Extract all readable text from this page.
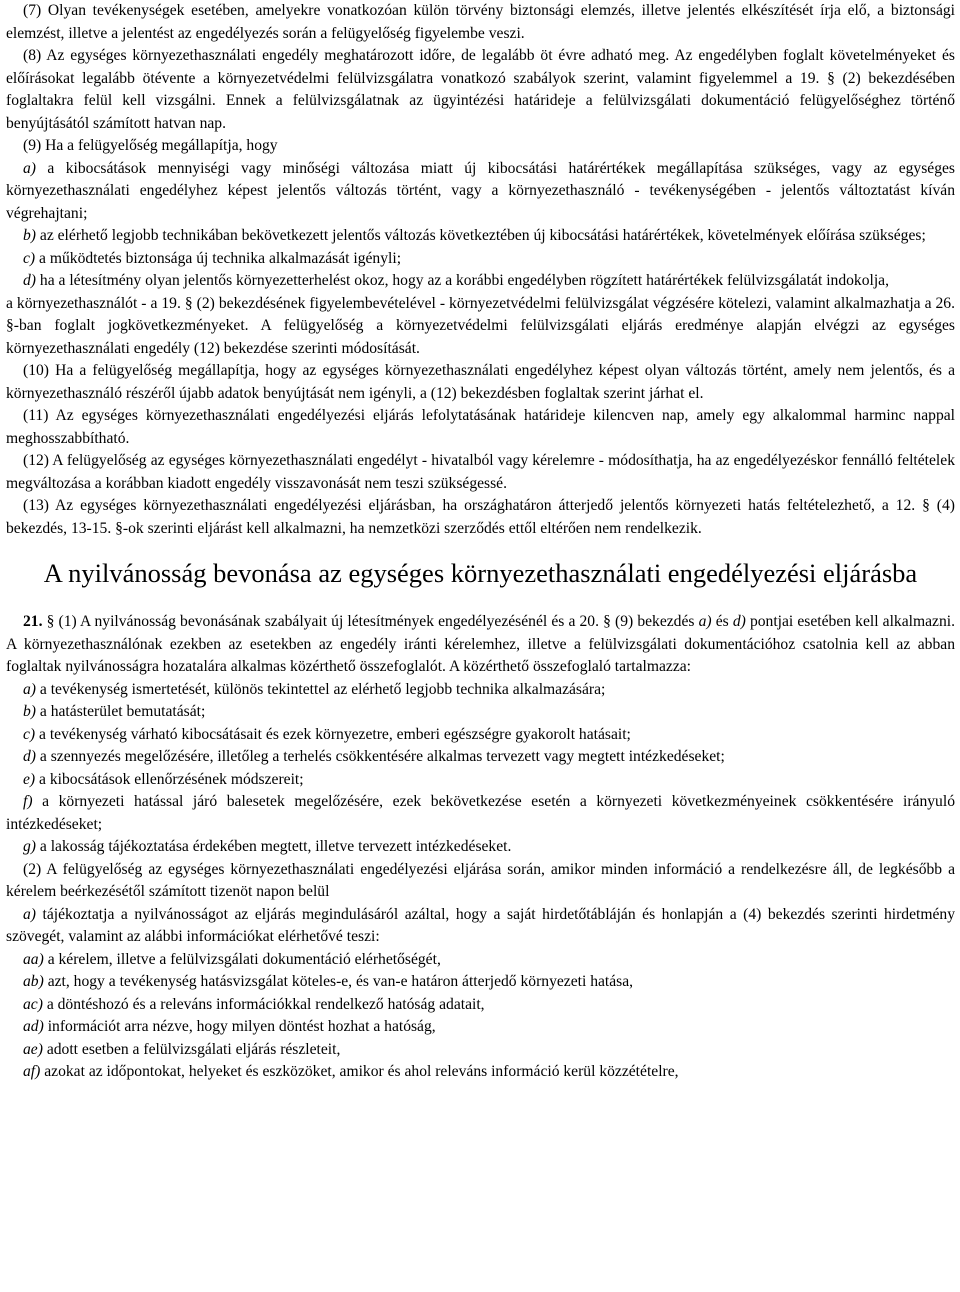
(7) Olyan tevékenységek esetében, amelyekre vonatkozóan külön törvény biztonsági elemzés, illetve jelentés elkészítését írja elő, a biztonsági elemzést, illetve a jelentést az engedélyezés során a felügyelőség figyelembe veszi.

(8) Az egységes környezethasználati engedély meghatározott időre, de legalább öt évre adható meg. Az engedélyben foglalt követelményeket és előírásokat legalább ötévente a környezetvédelmi felülvizsgálatra vonatkozó szabályok szerint, valamint figyelemmel a 19. § (2) bekezdésében foglaltakra felül kell vizsgálni. Ennek a felülvizsgálatnak az ügyintézési határideje a felülvizsgálati dokumentáció felügyelőséghez történő benyújtásától számított hatvan nap.

(9) Ha a felügyelőség megállapítja, hogy

a) a kibocsátások mennyiségi vagy minőségi változása miatt új kibocsátási határértékek megállapítása szükséges, vagy az egységes környezethasználati engedélyhez képest jelentős változás történt, vagy a környezethasználó - tevékenységében - jelentős változtatást kíván végrehajtani;

b) az elérhető legjobb technikában bekövetkezett jelentős változás következtében új kibocsátási határértékek, követelmények előírása szükséges;

c) a működtetés biztonsága új technika alkalmazását igényli;

d) ha a létesítmény olyan jelentős környezetterhelést okoz, hogy az a korábbi engedélyben rögzített határértékek felülvizsgálatát indokolja,

a környezethasználót - a 19. § (2) bekezdésének figyelembevételével - környezetvédelmi felülvizsgálat végzésére kötelezi, valamint alkalmazhatja a 26. §-ban foglalt jogkövetkezményeket. A felügyelőség a környezetvédelmi felülvizsgálati eljárás eredménye alapján elvégzi az egységes környezethasználati engedély (12) bekezdése szerinti módosítását.

(10) Ha a felügyelőség megállapítja, hogy az egységes környezethasználati engedélyhez képest olyan változás történt, amely nem jelentős, és a környezethasználó részéről újabb adatok benyújtását nem igényli, a (12) bekezdésben foglaltak szerint járhat el.

(11) Az egységes környezethasználati engedélyezési eljárás lefolytatásának határideje kilencven nap, amely egy alkalommal harminc nappal meghosszabbítható.

(12) A felügyelőség az egységes környezethasználati engedélyt - hivatalból vagy kérelemre - módosíthatja, ha az engedélyezéskor fennálló feltételek megváltozása a korábban kiadott engedély visszavonását nem teszi szükségessé.

(13) Az egységes környezethasználati engedélyezési eljárásban, ha országhatáron átterjedő jelentős környezeti hatás feltételezhető, a 12. § (4) bekezdés, 13-15. §-ok szerinti eljárást kell alkalmazni, ha nemzetközi szerződés ettől eltérően nem rendelkezik.

A nyilvánosság bevonása az egységes környezethasználati engedélyezési eljárásba

21. § (1) A nyilvánosság bevonásának szabályait új létesítmények engedélyezésénél és a 20. § (9) bekezdés a) és d) pontjai esetében kell alkalmazni. A környezethasználónak ezekben az esetekben az engedély iránti kérelemhez, illetve a felülvizsgálati dokumentációhoz csatolnia kell az abban foglaltak nyilvánosságra hozatalára alkalmas közérthető összefoglalót. A közérthető összefoglaló tartalmazza:

a) a tevékenység ismertetését, különös tekintettel az elérhető legjobb technika alkalmazására;

b) a hatásterület bemutatását;

c) a tevékenység várható kibocsátásait és ezek környezetre, emberi egészségre gyakorolt hatásait;

d) a szennyezés megelőzésére, illetőleg a terhelés csökkentésére alkalmas tervezett vagy megtett intézkedéseket;

e) a kibocsátások ellenőrzésének módszereit;

f) a környezeti hatással járó balesetek megelőzésére, ezek bekövetkezése esetén a környezeti következményeinek csökkentésére irányuló intézkedéseket;

g) a lakosság tájékoztatása érdekében megtett, illetve tervezett intézkedéseket.

(2) A felügyelőség az egységes környezethasználati engedélyezési eljárása során, amikor minden információ a rendelkezésre áll, de legkésőbb a kérelem beérkezésétől számított tizenöt napon belül

a) tájékoztatja a nyilvánosságot az eljárás megindulásáról azáltal, hogy a saját hirdetőtábláján és honlapján a (4) bekezdés szerinti hirdetmény szövegét, valamint az alábbi információkat elérhetővé teszi:

aa) a kérelem, illetve a felülvizsgálati dokumentáció elérhetőségét,

ab) azt, hogy a tevékenység hatásvizsgálat köteles-e, és van-e határon átterjedő környezeti hatása,

ac) a döntéshozó és a releváns információkkal rendelkező hatóság adatait,

ad) információt arra nézve, hogy milyen döntést hozhat a hatóság,

ae) adott esetben a felülvizsgálati eljárás részleteit,

af) azokat az időpontokat, helyeket és eszközöket, amikor és ahol releváns információ kerül közzétételre,
